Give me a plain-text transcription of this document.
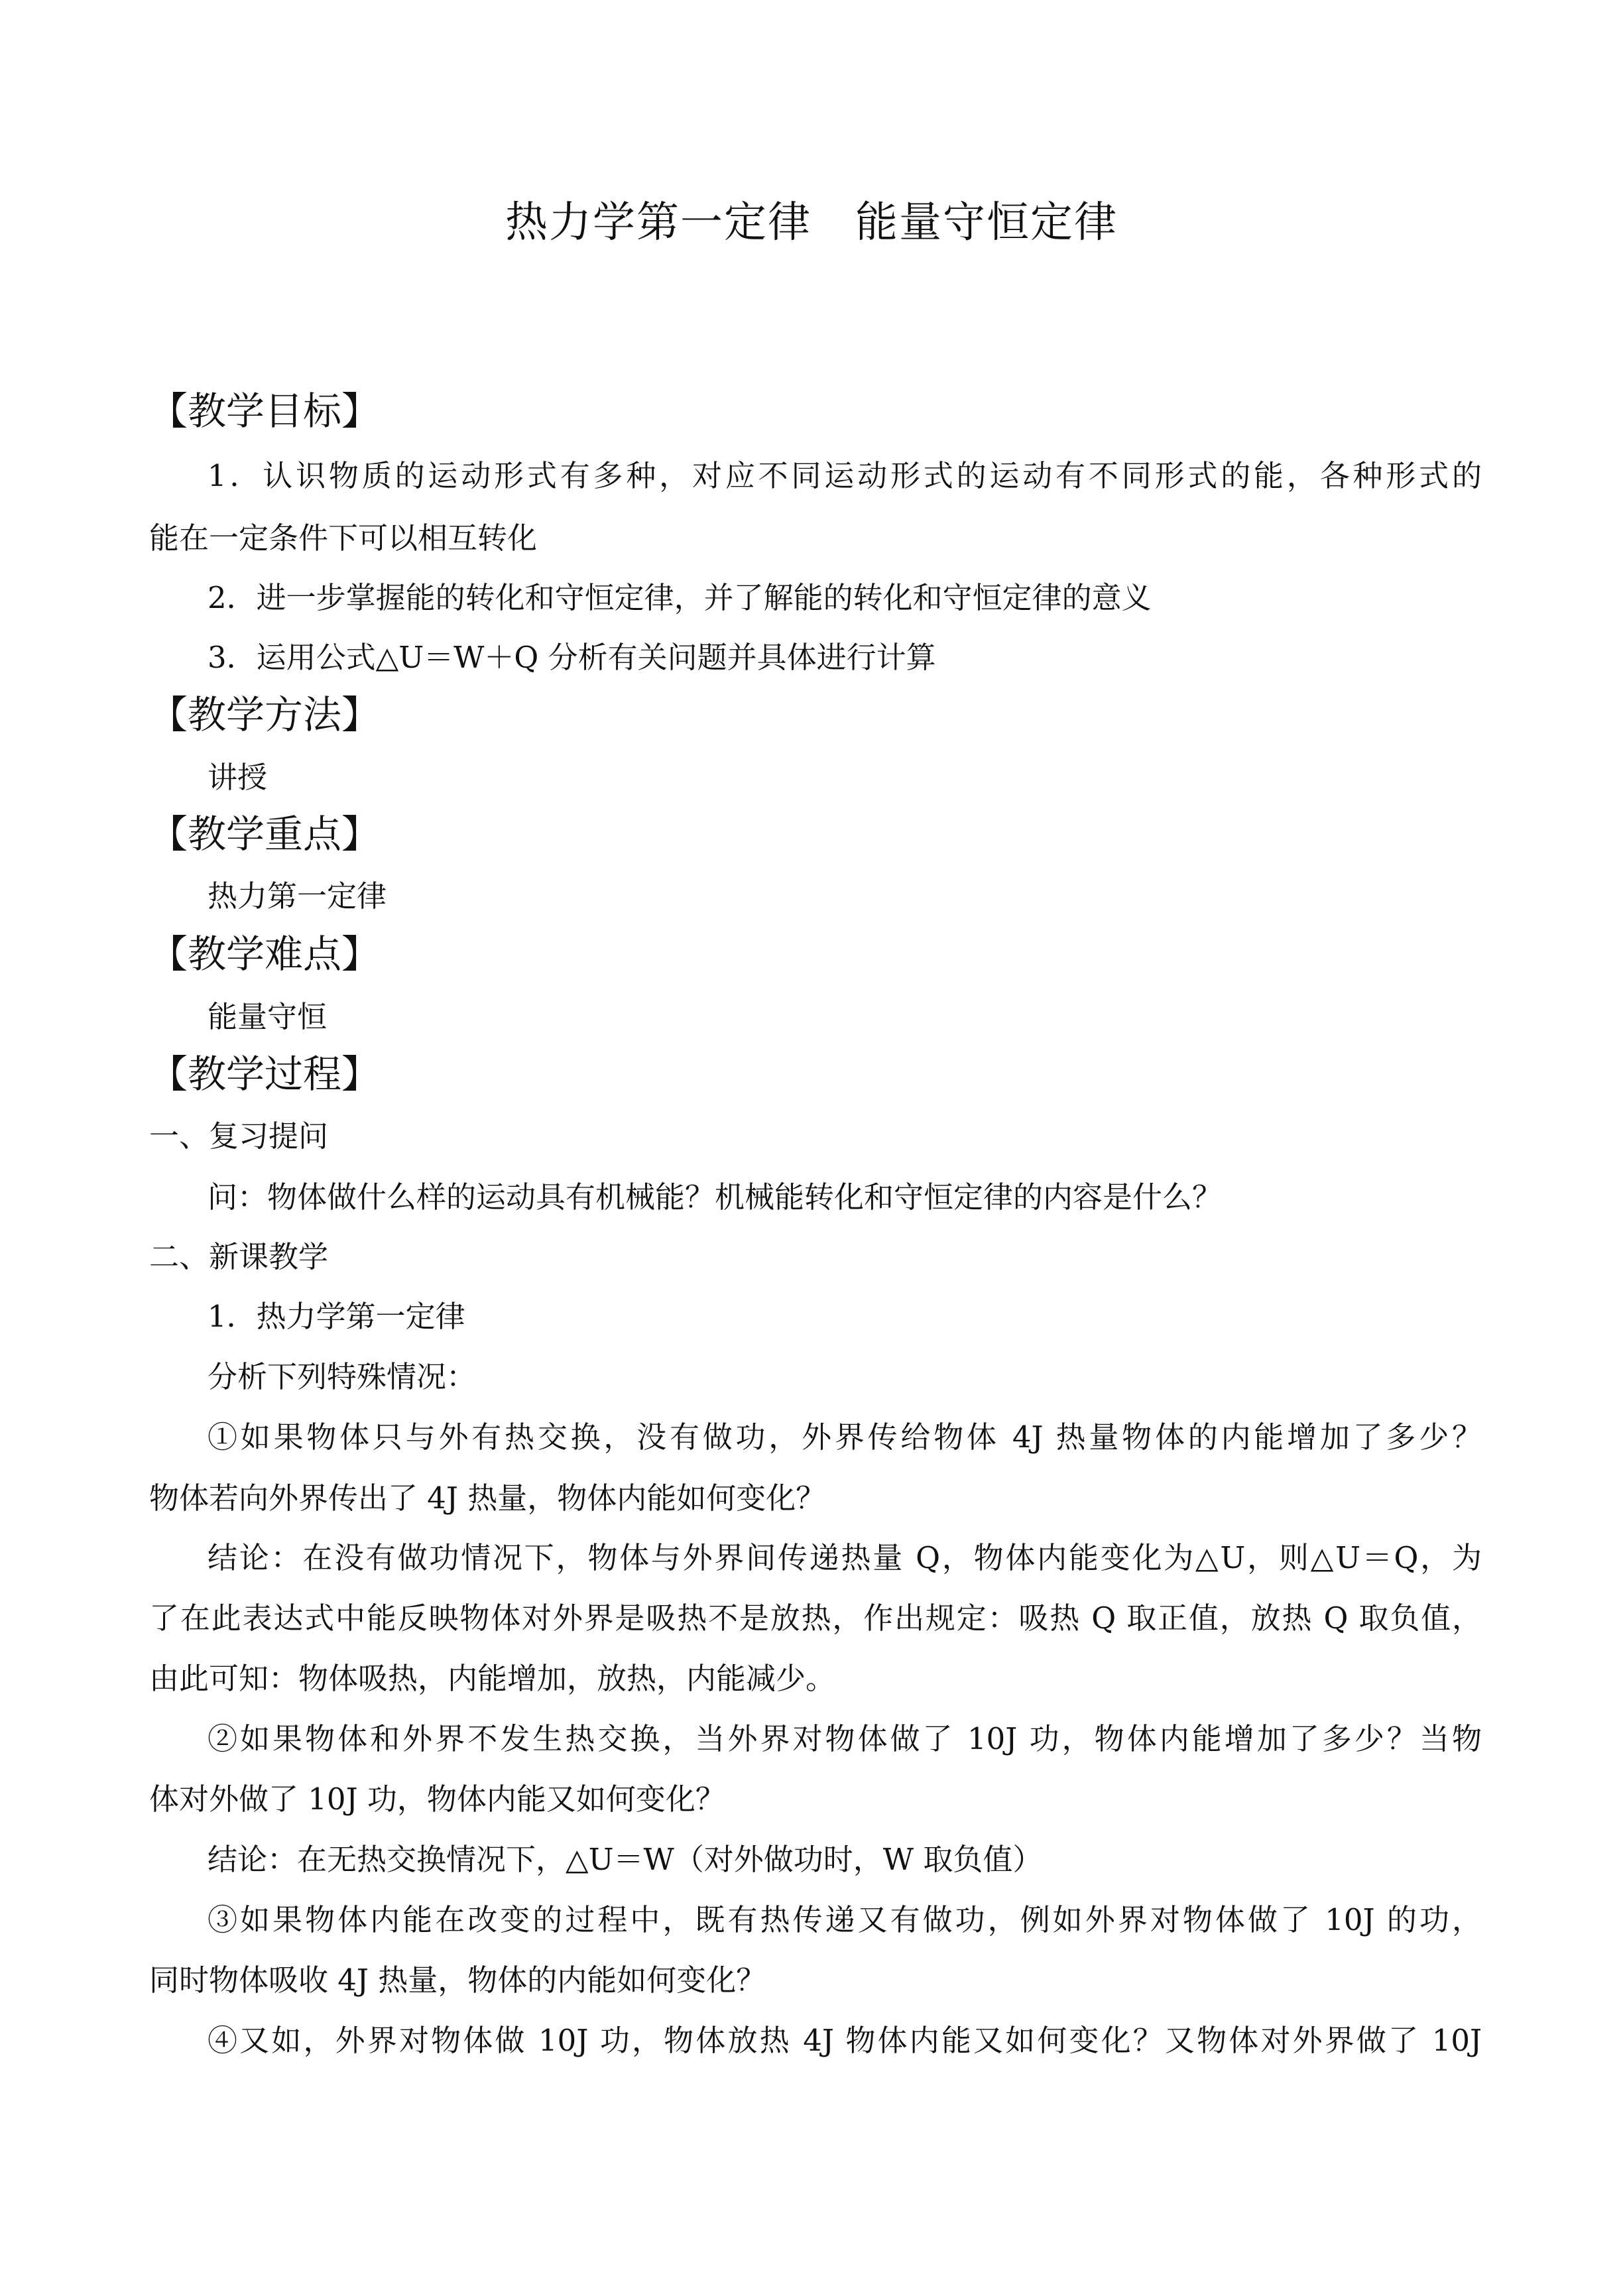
热力学第一定律　能量守恒定律
【教学目标】
1．认识物质的运动形式有多种，对应不同运动形式的运动有不同形式的能，各种形式的
能在一定条件下可以相互转化
2．进一步掌握能的转化和守恒定律，并了解能的转化和守恒定律的意义
3．运用公式△U＝W＋Q 分析有关问题并具体进行计算
【教学方法】
讲授
【教学重点】
热力第一定律
【教学难点】
能量守恒
【教学过程】
一、复习提问
问：物体做什么样的运动具有机械能？机械能转化和守恒定律的内容是什么？
二、新课教学
1．热力学第一定律
分析下列特殊情况：
①如果物体只与外有热交换，没有做功，外界传给物体 4J 热量物体的内能增加了多少？
物体若向外界传出了 4J 热量，物体内能如何变化？
结论：在没有做功情况下，物体与外界间传递热量 Q，物体内能变化为△U，则△U＝Q，为
了在此表达式中能反映物体对外界是吸热不是放热，作出规定：吸热 Q 取正值，放热 Q 取负值，
由此可知：物体吸热，内能增加，放热，内能减少。
②如果物体和外界不发生热交换，当外界对物体做了 10J 功，物体内能增加了多少？当物
体对外做了 10J 功，物体内能又如何变化？
结论：在无热交换情况下，△U＝W（对外做功时，W 取负值）
③如果物体内能在改变的过程中，既有热传递又有做功，例如外界对物体做了 10J 的功，
同时物体吸收 4J 热量，物体的内能如何变化？
④又如，外界对物体做 10J 功，物体放热 4J 物体内能又如何变化？又物体对外界做了 10J
